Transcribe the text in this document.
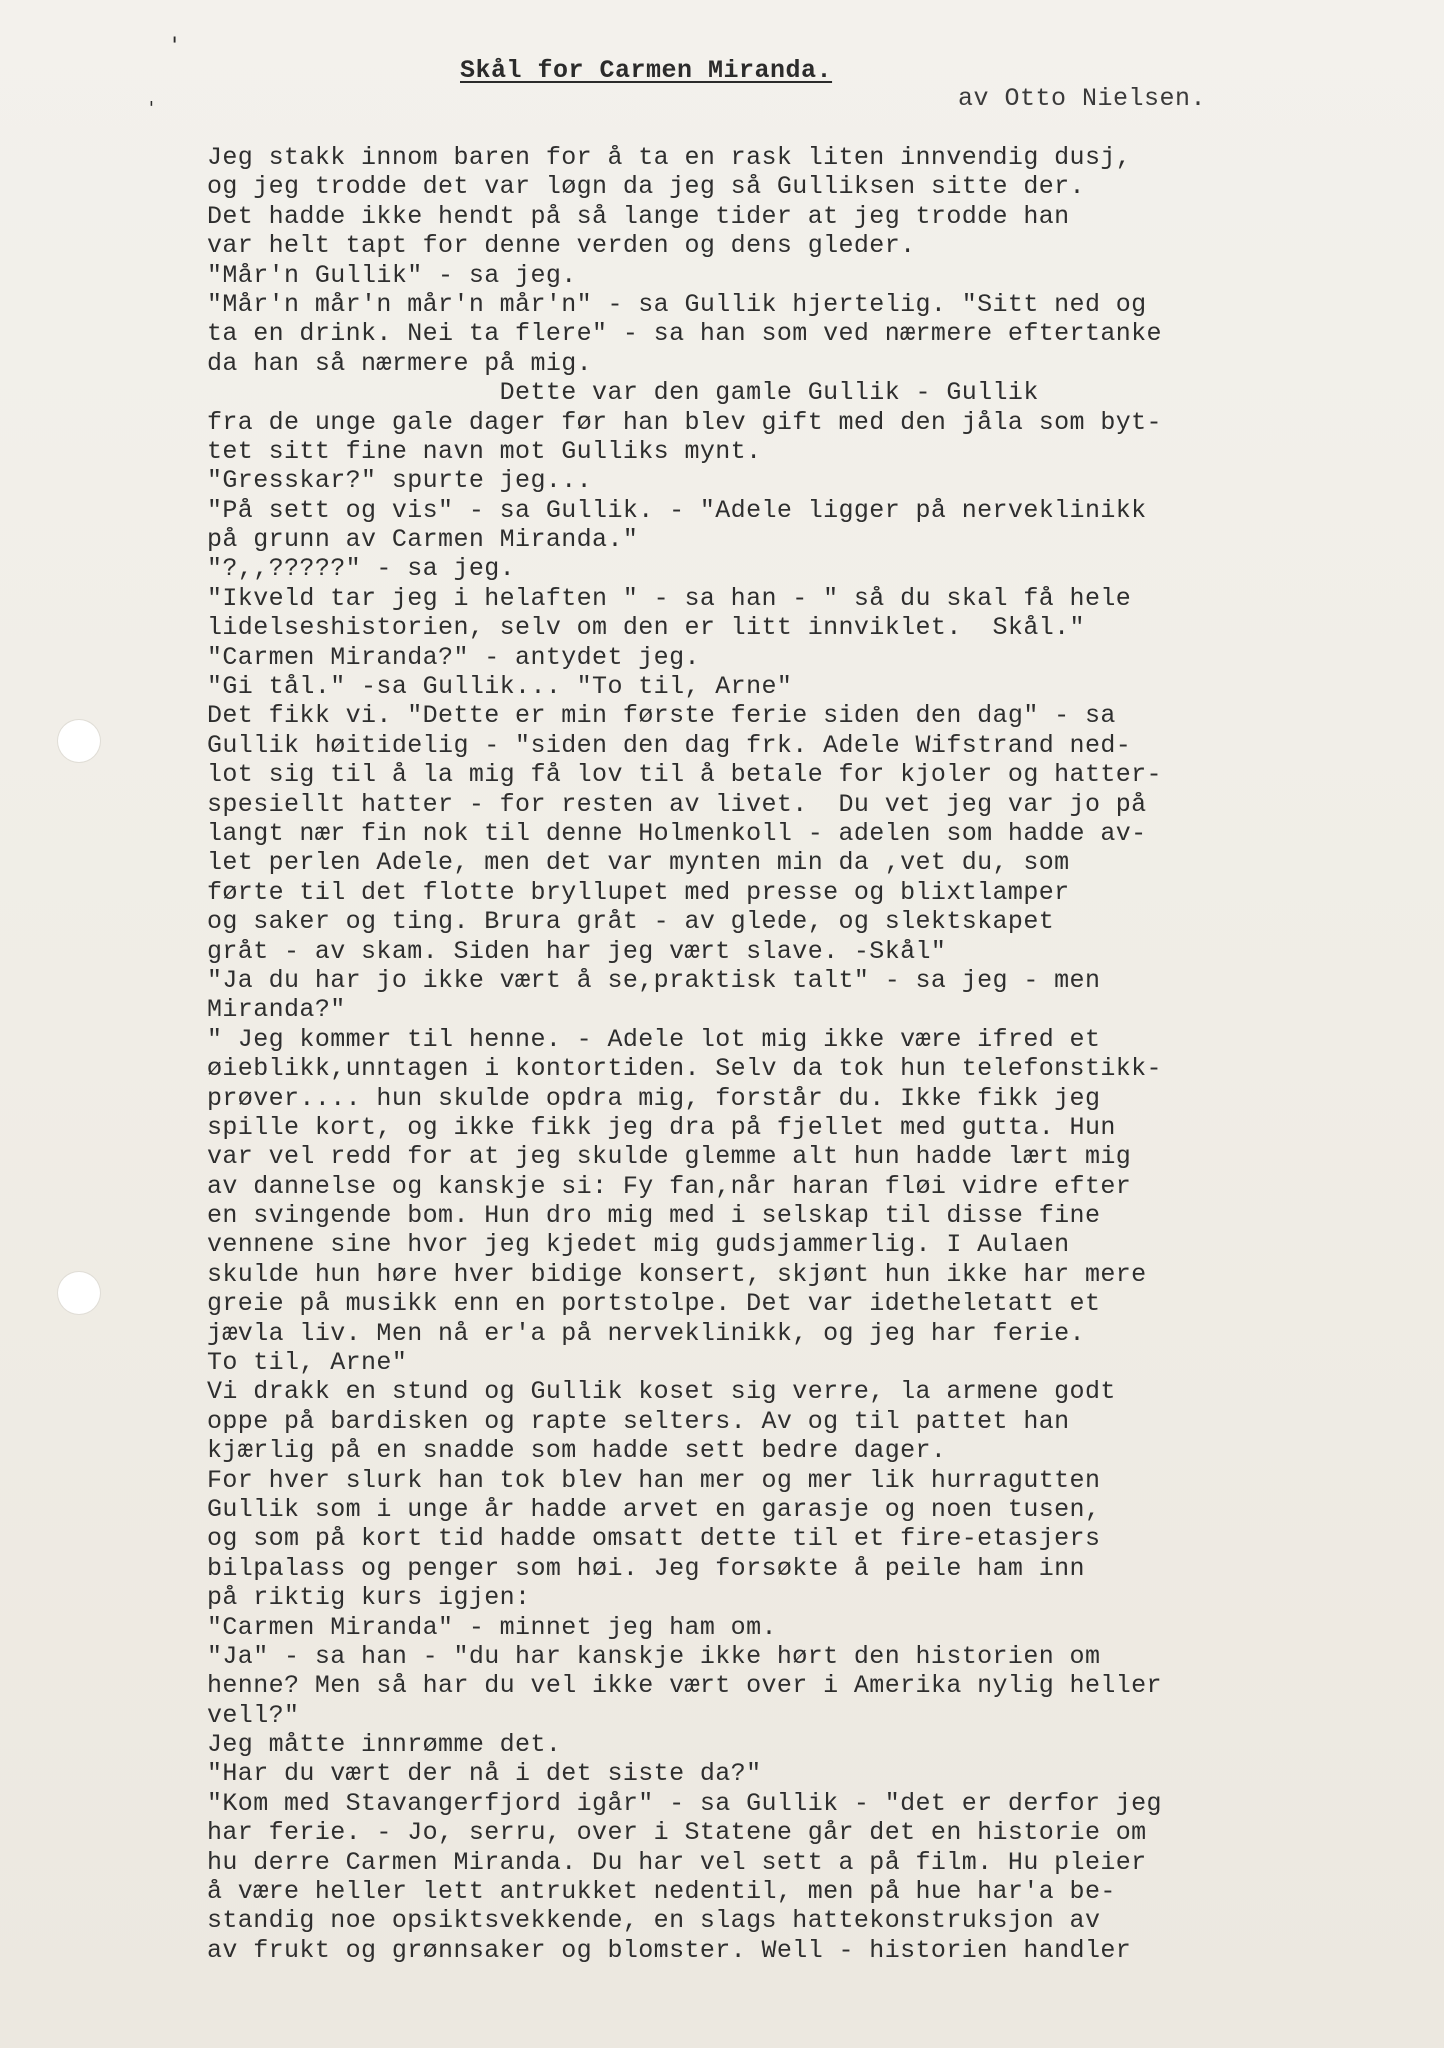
'
'
Skål for Carmen Miranda.
av Otto Nielsen.
Jeg stakk innom baren for å ta en rask liten innvendig dusj,
og jeg trodde det var løgn da jeg så Gulliksen sitte der.
Det hadde ikke hendt på så lange tider at jeg trodde han
var helt tapt for denne verden og dens gleder.
"Mår'n Gullik" - sa jeg.
"Mår'n mår'n mår'n mår'n" - sa Gullik hjertelig. "Sitt ned og
ta en drink. Nei ta flere" - sa han som ved nærmere eftertanke
da han så nærmere på mig.
Dette var den gamle Gullik - Gullik
fra de unge gale dager før han blev gift med den jåla som byt-
tet sitt fine navn mot Gulliks mynt.
"Gresskar?" spurte jeg...
"På sett og vis" - sa Gullik. - "Adele ligger på nerveklinikk
på grunn av Carmen Miranda."
"?,,?????" - sa jeg.
"Ikveld tar jeg i helaften " - sa han - " så du skal få hele
lidelseshistorien, selv om den er litt innviklet.  Skål."
"Carmen Miranda?" - antydet jeg.
"Gi tål." -sa Gullik... "To til, Arne"
Det fikk vi. "Dette er min første ferie siden den dag" - sa
Gullik høitidelig - "siden den dag frk. Adele Wifstrand ned-
lot sig til å la mig få lov til å betale for kjoler og hatter-
spesiellt hatter - for resten av livet.  Du vet jeg var jo på
langt nær fin nok til denne Holmenkoll - adelen som hadde av-
let perlen Adele, men det var mynten min da ,vet du, som
førte til det flotte bryllupet med presse og blixtlamper
og saker og ting. Brura gråt - av glede, og slektskapet
gråt - av skam. Siden har jeg vært slave. -Skål"
"Ja du har jo ikke vært å se,praktisk talt" - sa jeg - men
Miranda?"
" Jeg kommer til henne. - Adele lot mig ikke være ifred et
øieblikk,unntagen i kontortiden. Selv da tok hun telefonstikk-
prøver.... hun skulde opdra mig, forstår du. Ikke fikk jeg
spille kort, og ikke fikk jeg dra på fjellet med gutta. Hun
var vel redd for at jeg skulde glemme alt hun hadde lært mig
av dannelse og kanskje si: Fy fan,når haran fløi vidre efter
en svingende bom. Hun dro mig med i selskap til disse fine
vennene sine hvor jeg kjedet mig gudsjammerlig. I Aulaen
skulde hun høre hver bidige konsert, skjønt hun ikke har mere
greie på musikk enn en portstolpe. Det var idetheletatt et
jævla liv. Men nå er'a på nerveklinikk, og jeg har ferie.
To til, Arne"
Vi drakk en stund og Gullik koset sig verre, la armene godt
oppe på bardisken og rapte selters. Av og til pattet han
kjærlig på en snadde som hadde sett bedre dager.
For hver slurk han tok blev han mer og mer lik hurragutten
Gullik som i unge år hadde arvet en garasje og noen tusen,
og som på kort tid hadde omsatt dette til et fire-etasjers
bilpalass og penger som høi. Jeg forsøkte å peile ham inn
på riktig kurs igjen:
"Carmen Miranda" - minnet jeg ham om.
"Ja" - sa han - "du har kanskje ikke hørt den historien om
henne? Men så har du vel ikke vært over i Amerika nylig heller
vell?"
Jeg måtte innrømme det.
"Har du vært der nå i det siste da?"
"Kom med Stavangerfjord igår" - sa Gullik - "det er derfor jeg
har ferie. - Jo, serru, over i Statene går det en historie om
hu derre Carmen Miranda. Du har vel sett a på film. Hu pleier
å være heller lett antrukket nedentil, men på hue har'a be-
standig noe opsiktsvekkende, en slags hattekonstruksjon av
av frukt og grønnsaker og blomster. Well - historien handler
